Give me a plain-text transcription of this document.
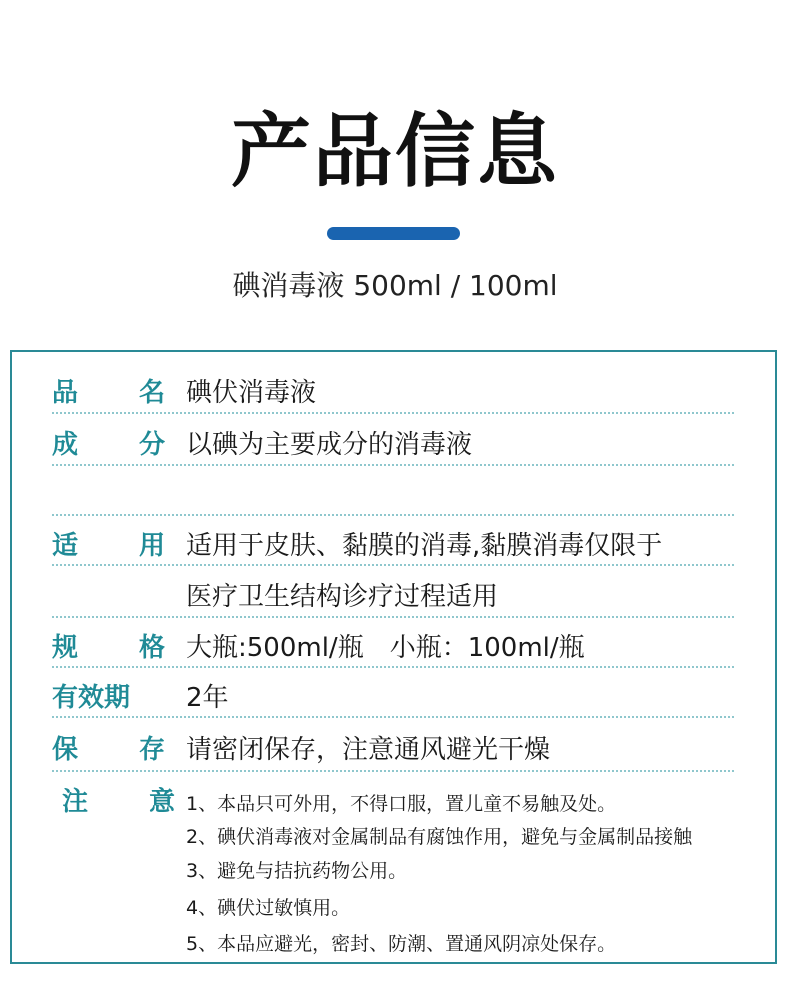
产品信息
碘消毒液 500ml / 100ml
品 名
碘伏消毒液
成 分
以碘为主要成分的消毒液
适 用
适用于皮肤、黏膜的消毒,黏膜消毒仅限于
医疗卫生结构诊疗过程适用
规 格
大瓶:500ml/瓶　小瓶：100ml/瓶
有效期	2年
保 存
请密闭保存，注意通风避光干燥
注 意
1、本品只可外用，不得口服，置儿童不易触及处。
2、碘伏消毒液对金属制品有腐蚀作用，避免与金属制品接触
3、避免与拮抗药物公用。
4、碘伏过敏慎用。
5、本品应避光，密封、防潮、置通风阴凉处保存。
